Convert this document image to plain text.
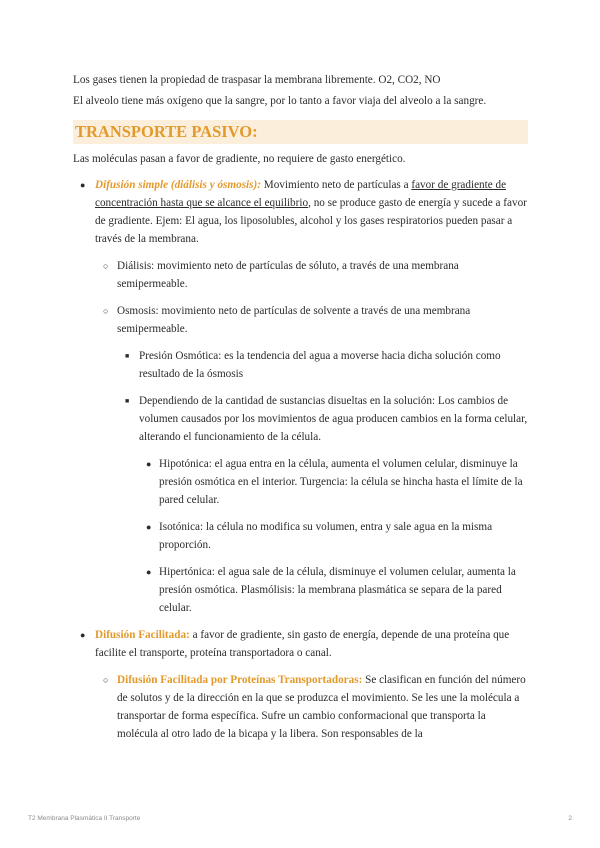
Los gases tienen la propiedad de traspasar la membrana libremente. O2, CO2, NO

El alveolo tiene más oxígeno que la sangre, por lo tanto a favor viaja del alveolo a la sangre.

TRANSPORTE PASIVO:

Las moléculas pasan a favor de gradiente, no requiere de gasto energético.

● Difusión simple (diálisis y ósmosis): Movimiento neto de partículas a favor de gradiente de concentración hasta que se alcance el equilibrio, no se produce gasto de energía y sucede a favor de gradiente. Ejem: El agua, los liposolubles, alcohol y los gases respiratorios pueden pasar a través de la membrana.
○ Diálisis: movimiento neto de partículas de sóluto, a través de una membrana semipermeable.
○ Osmosis: movimiento neto de partículas de solvente a través de una membrana semipermeable.
■ Presión Osmótica: es la tendencia del agua a moverse hacia dicha solución como resultado de la ósmosis
■ Dependiendo de la cantidad de sustancias disueltas en la solución: Los cambios de volumen causados por los movimientos de agua producen cambios en la forma celular, alterando el funcionamiento de la célula.
● Hipotónica: el agua entra en la célula, aumenta el volumen celular, disminuye la presión osmótica en el interior. Turgencia: la célula se hincha hasta el límite de la pared celular.
● Isotónica: la célula no modifica su volumen, entra y sale agua en la misma proporción.
● Hipertónica: el agua sale de la célula, disminuye el volumen celular, aumenta la presión osmótica. Plasmólisis: la membrana plasmática se separa de la pared celular.
● Difusión Facilitada: a favor de gradiente, sin gasto de energía, depende de una proteína que facilite el transporte, proteína transportadora o canal.
○ Difusión Facilitada por Proteínas Transportadoras: Se clasifican en función del número de solutos y de la dirección en la que se produzca el movimiento. Se les une la molécula a transportar de forma específica. Sufre un cambio conformacional que transporta la molécula al otro lado de la bicapa y la libera. Son responsables de la
T2 Membrana Plasmática II Transporte	2
